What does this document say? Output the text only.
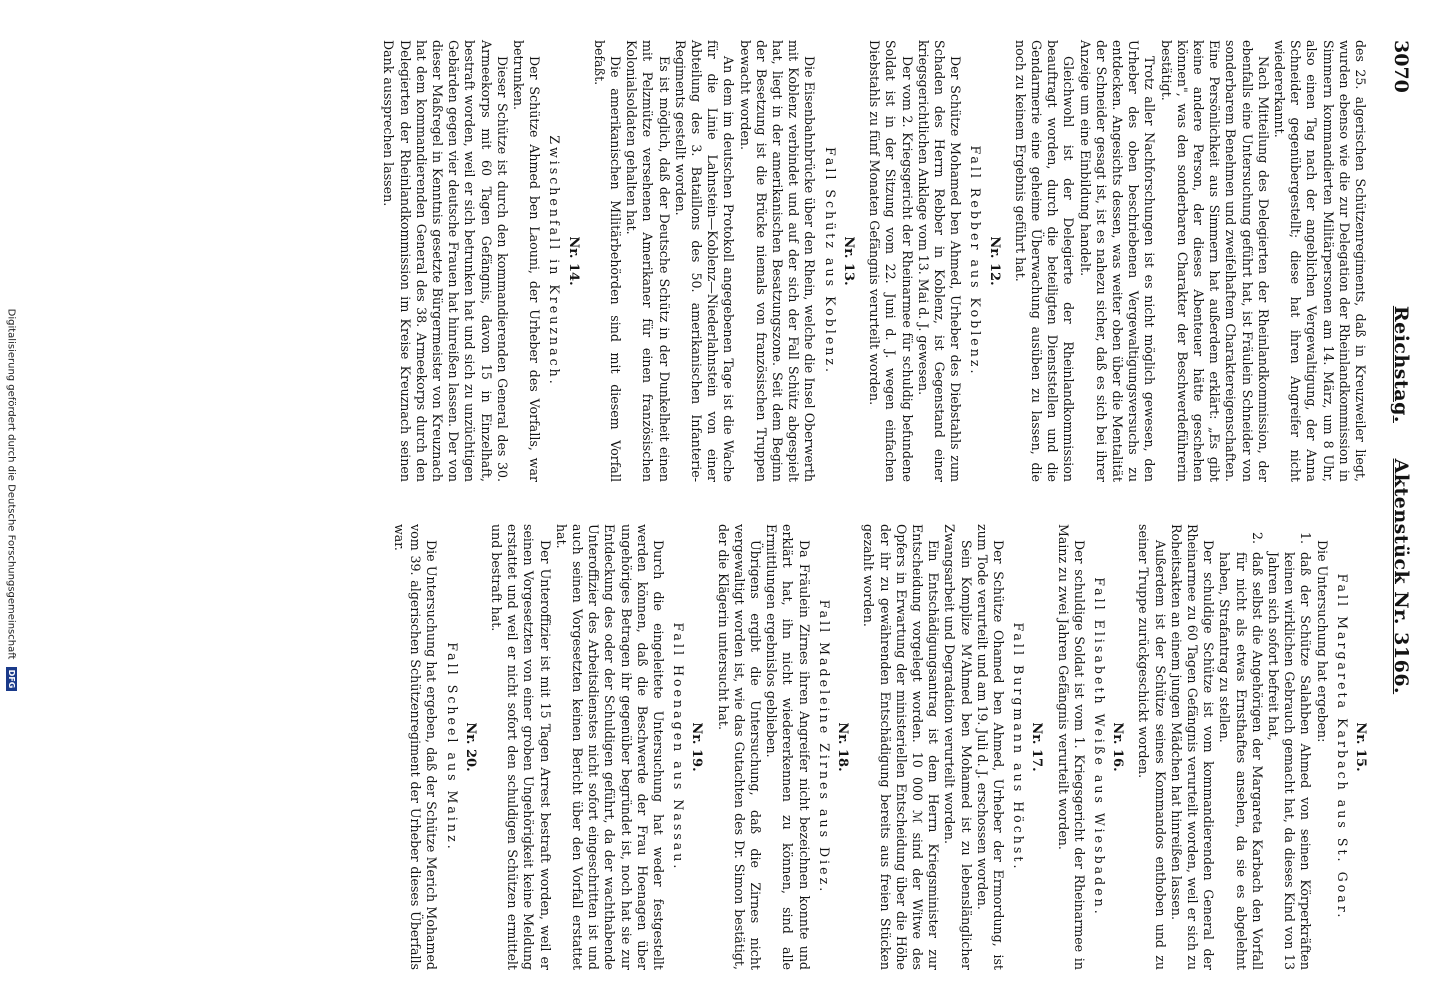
3070
Reichstag.     Aktenstück Nr. 3166.

des 25. algerischen Schützenregiments, daß in Kreuzweiler liegt, wurden ebenso wie die zur Delegation der Rheinlandkommission in Simmern kommandierten Militärpersonen am 14. März, um 8 Uhr, also einen Tag nach der angeblichen Vergewaltigung, der Anna Schneider gegenübergestellt; diese hat ihren Angreifer nicht wiedererkannt.

Nach Mitteilung des Delegierten der Rheinlandkommission, der ebenfalls eine Untersuchung geführt hat, ist Fräulein Schneider von sonderbarem Benehmen und zweifelhaftem Charaktereigenschaften. Eine Persönlichkeit aus Simmern hat außerdem erklärt: „Es gibt keine andere Person, der dieses Abenteuer hätte geschehen können", was den sonderbaren Charakter der Beschwerdeführerin bestätigt.

Trotz aller Nachforschungen ist es nicht möglich gewesen, den Urheber des oben beschriebenen Vergewaltigungsversuchs zu entdecken. Angesichts dessen, was weiter oben über die Mentalität der Schneider gesagt ist, ist es nahezu sicher, daß es sich bei ihrer Anzeige um eine Einbildung handelt.

Gleichwohl ist der Delegierte der Rheinlandkommission beauftragt worden, durch die beteiligten Dienststellen und die Gendarmerie eine geheime Überwachung ausüben zu lassen, die noch zu keinem Ergebnis geführt hat.

Nr. 12.
Fall Rebber aus Koblenz.

Der Schütze Mohamed ben Ahmed, Urheber des Diebstahls zum Schaden des Herrn Rebber in Koblenz, ist Gegenstand einer kriegsgerichtlichen Anklage vom 13. Mai d. J. gewesen.

Der vom 2. Kriegsgericht der Rheinarmee für schuldig befundene Soldat ist in der Sitzung vom 22. Juni d. J. wegen einfachen Diebstahls zu fünf Monaten Gefängnis verurteilt worden.

Nr. 13.
Fall Schütz aus Koblenz.

Die Eisenbahnbrücke über den Rhein, welche die Insel Oberwerth mit Koblenz verbindet und auf der sich der Fall Schütz abgespielt hat, liegt in der amerikanischen Besatzungszone. Seit dem Beginn der Besetzung ist die Brücke niemals von französischen Truppen bewacht worden.

An dem im deutschen Protokoll angegebenen Tage ist die Wache für die Linie Lahnstein—Koblenz—Niederlahnstein von einer Abteilung des 3. Bataillons des 50. amerikanischen Infanterie-Regiments gestellt worden.

Es ist möglich, daß der Deutsche Schütz in der Dunkelheit einen mit Pelzmütze versehenen Amerikaner für einen französischen Kolonialsoldaten gehalten hat.

Die amerikanischen Militärbehörden sind mit diesem Vorfall befaßt.

Nr. 14.
Zwischenfall in Kreuznach.

Der Schütze Ahmed ben Laouni, der Urheber des Vorfalls, war betrunken.

Dieser Schütze ist durch den kommandierenden General des 30. Armeekorps mit 60 Tagen Gefängnis, davon 15 in Einzelhaft, bestraft worden, weil er sich betrunken hat und sich zu unzüchtigen Gebärden gegen vier deutsche Frauen hat hinreißen lassen. Der von dieser Maßregel in Kenntnis gesetzte Bürgermeister von Kreuznach hat dem kommandierenden General des 38. Armeekorps durch den Delegierten der Rheinlandkommission im Kreise Kreuznach seinen Dank aussprechen lassen.

Nr. 15.
Fall Margareta Karbach aus St. Goar.

Die Untersuchung hat ergeben:

1.
daß der Schütze Salahben Ahmed von seinen Körperkräften keinen wirklichen Gebrauch gemacht hat, da dieses Kind von 13 Jahren sich sofort befreit hat,

2.
daß selbst die Angehörigen der Margareta Karbach den Vorfall für nicht als etwas Ernsthaftes ansehen, da sie es abgelehnt haben, Strafantrag zu stellen.

Der schuldige Schütze ist vom kommandierenden General der Rheinarmee zu 60 Tagen Gefängnis verurteilt worden, weil er sich zu Roheitsakten an einem jungen Mädchen hat hinreißen lassen.

Außerdem ist der Schütze seines Kommandos enthoben und zu seiner Truppe zurückgeschickt worden.

Nr. 16.
Fall Elisabeth Weiße aus Wiesbaden.

Der schuldige Soldat ist vom 1. Kriegsgericht der Rheinarmee in Mainz zu zwei Jahren Gefängnis verurteilt worden.

Nr. 17.
Fall Burgmann aus Höchst.

Der Schütze Ohamed ben Ahmed, Urheber der Ermordung, ist zum Tode verurteilt und am 19. Juli d. J. erschossen worden.

Sein Komplize M'Ahmed ben Mohamed ist zu lebenslänglicher Zwangsarbeit und Degradation verurteilt worden.

Ein Entschädigungsantrag ist dem Herrn Kriegsminister zur Entscheidung vorgelegt worden. 10 000 ℳ sind der Witwe des Opfers in Erwartung der ministeriellen Entscheidung über die Höhe der ihr zu gewährenden Entschädigung bereits aus freien Stücken gezahlt worden.

Nr. 18.
Fall Madeleine Zirnes aus Diez.

Da Fräulein Zirnes ihren Angreifer nicht bezeichnen konnte und erklärt hat, ihn nicht wiedererkennen zu können, sind alle Ermittlungen ergebnislos geblieben.

Übrigens ergibt die Untersuchung, daß die Zirnes nicht vergewaltigt worden ist, wie das Gutachten des Dr. Simon bestätigt, der die Klägerin untersucht hat.

Nr. 19.
Fall Hoenagen aus Nassau.

Durch die eingeleitete Untersuchung hat weder festgestellt werden können, daß die Beschwerde der Frau Hoenagen über ungehöriges Betragen ihr gegenüber begründet ist, noch hat sie zur Entdeckung des oder der Schuldigen geführt, da der wachthabende Unteroffizier des Arbeitsdienstes nicht sofort eingeschritten ist und auch seinen Vorgesetzten keinen Bericht über den Vorfall erstattet hat.

Der Unteroffizier ist mit 15 Tagen Arrest bestraft worden, weil er seinen Vorgesetzten von einer groben Ungehörigkeit keine Meldung erstattet und weil er nicht sofort den schuldigen Schützen ermittelt und bestraft hat.

Nr. 20.
Fall Scheel aus Mainz.

Die Untersuchung hat ergeben, daß der Schütze Merich Mohamed vom 39. algerischen Schützenregiment der Urheber dieses Überfalls war.

Digitalisierung gefördert durch die Deutsche Forschungsgemeinschaft DFG
